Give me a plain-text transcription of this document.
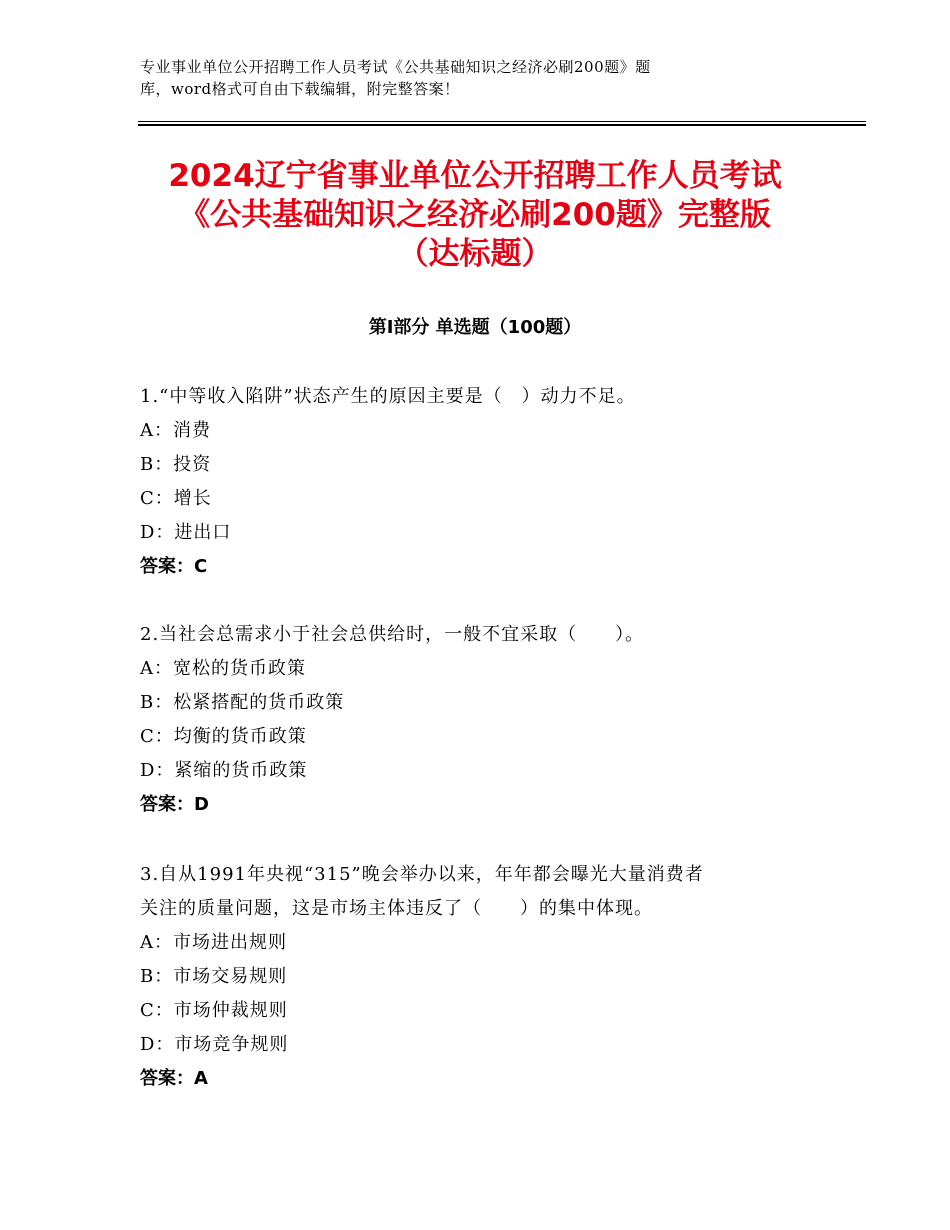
专业事业单位公开招聘工作人员考试《公共基础知识之经济必刷200题》题
库，word格式可自由下载编辑，附完整答案！
2024辽宁省事业单位公开招聘工作人员考试
《公共基础知识之经济必刷200题》完整版
（达标题）
第Ⅰ部分 单选题（100题）
1.“中等收入陷阱”状态产生的原因主要是（　）动力不足。
A：消费
B：投资
C：增长
D：进出口
答案：C
2.当社会总需求小于社会总供给时，一般不宜采取（　　）。
A：宽松的货币政策
B：松紧搭配的货币政策
C：均衡的货币政策
D：紧缩的货币政策
答案：D
3.自从1991年央视“315”晚会举办以来，年年都会曝光大量消费者
关注的质量问题，这是市场主体违反了（　　）的集中体现。
A：市场进出规则
B：市场交易规则
C：市场仲裁规则
D：市场竞争规则
答案：A
